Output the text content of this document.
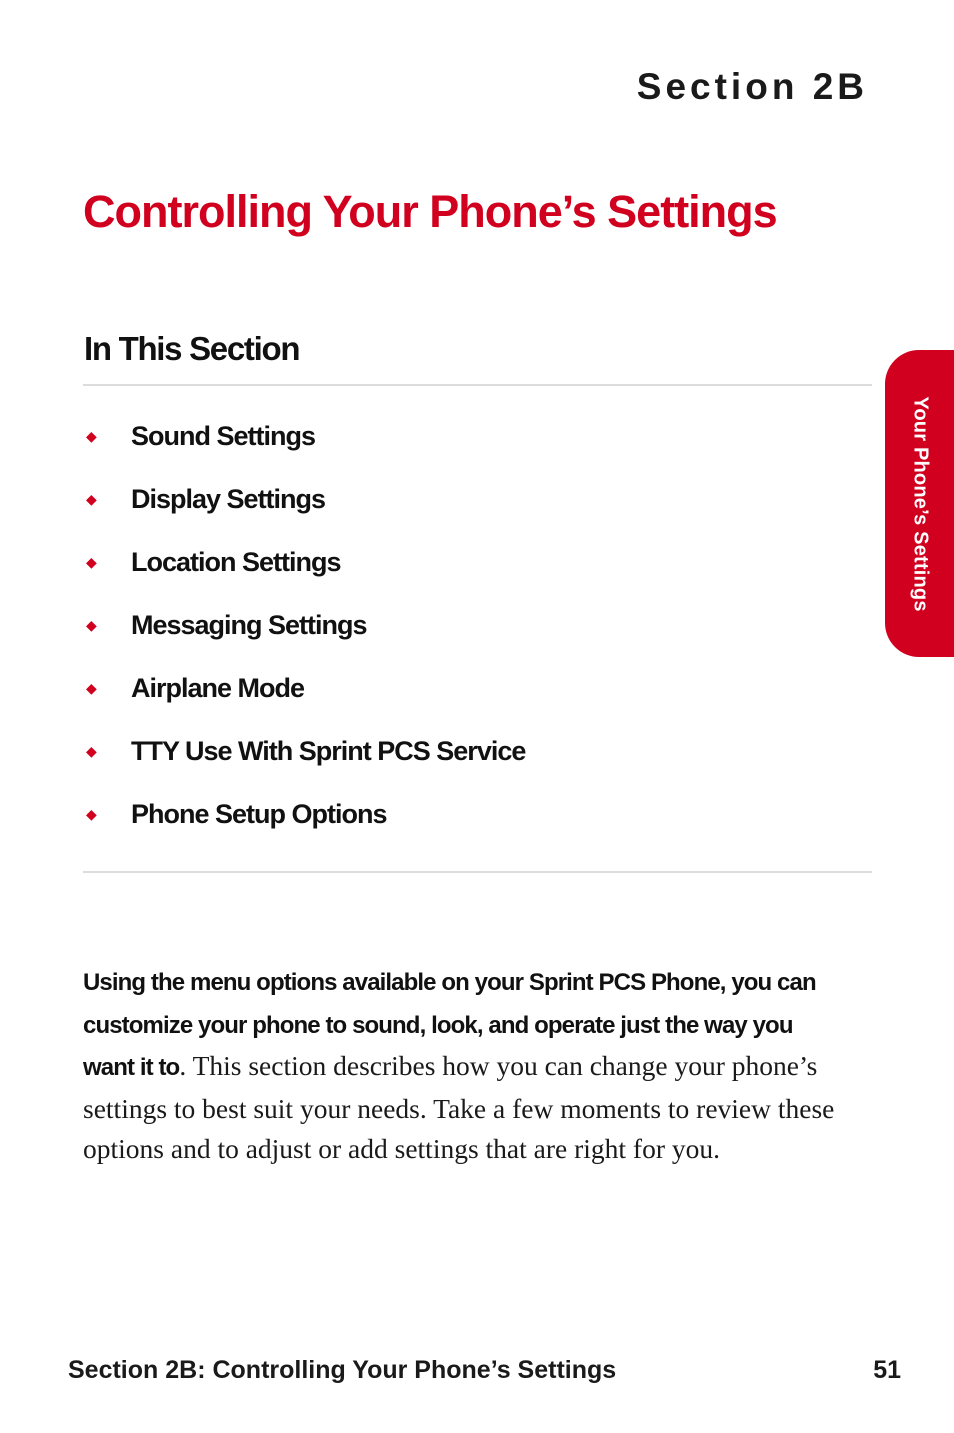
Section 2B
Controlling Your Phone’s Settings
In This Section
◆	Sound Settings
◆	Display Settings
◆	Location Settings
◆	Messaging Settings
◆	Airplane Mode
◆	TTY Use With Sprint PCS Service
◆	Phone Setup Options

Using the menu options available on your Sprint PCS Phone, you can customize your phone to sound, look, and operate just the way you want it to. This section describes how you can change your phone’s settings to best suit your needs. Take a few moments to review these options and to adjust or add settings that are right for you.

Your Phone’s Settings
Section 2B: Controlling Your Phone’s Settings	51
